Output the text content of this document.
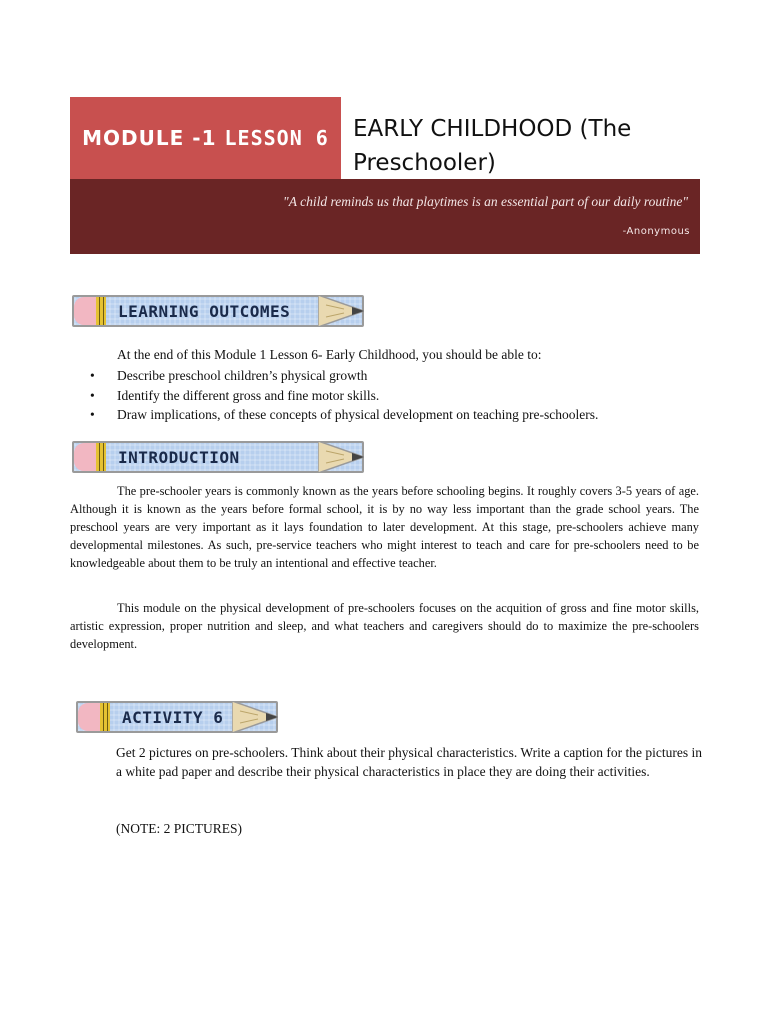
MODULE -1 LESSON 6 EARLY CHILDHOOD (The Preschooler)
"A child reminds us that playtimes is an essential part of our daily routine"
-Anonymous
LEARNING OUTCOMES
At the end of this Module 1 Lesson 6- Early Childhood, you should be able to:
• Describe preschool children’s physical growth
• Identify the different gross and fine motor skills.
• Draw implications, of these concepts of physical development on teaching pre-schoolers.
INTRODUCTION

The pre-schooler years is commonly known as the years before schooling begins. It roughly covers 3-5 years of age. Although it is known as the years before formal school, it is by no way less important than the grade school years. The preschool years are very important as it lays foundation to later development. At this stage, pre-schoolers achieve many developmental milestones. As such, pre-service teachers who might interest to teach and care for pre-schoolers need to be knowledgeable about them to be truly an intentional and effective teacher.

This module on the physical development of pre-schoolers focuses on the acquition of gross and fine motor skills, artistic expression, proper nutrition and sleep, and what teachers and caregivers should do to maximize the pre-schoolers development.

ACTIVITY 6

Get 2 pictures on pre-schoolers. Think about their physical characteristics. Write a caption for the pictures in a white pad paper and describe their physical characteristics in place they are doing their activities.

(NOTE: 2 PICTURES)
